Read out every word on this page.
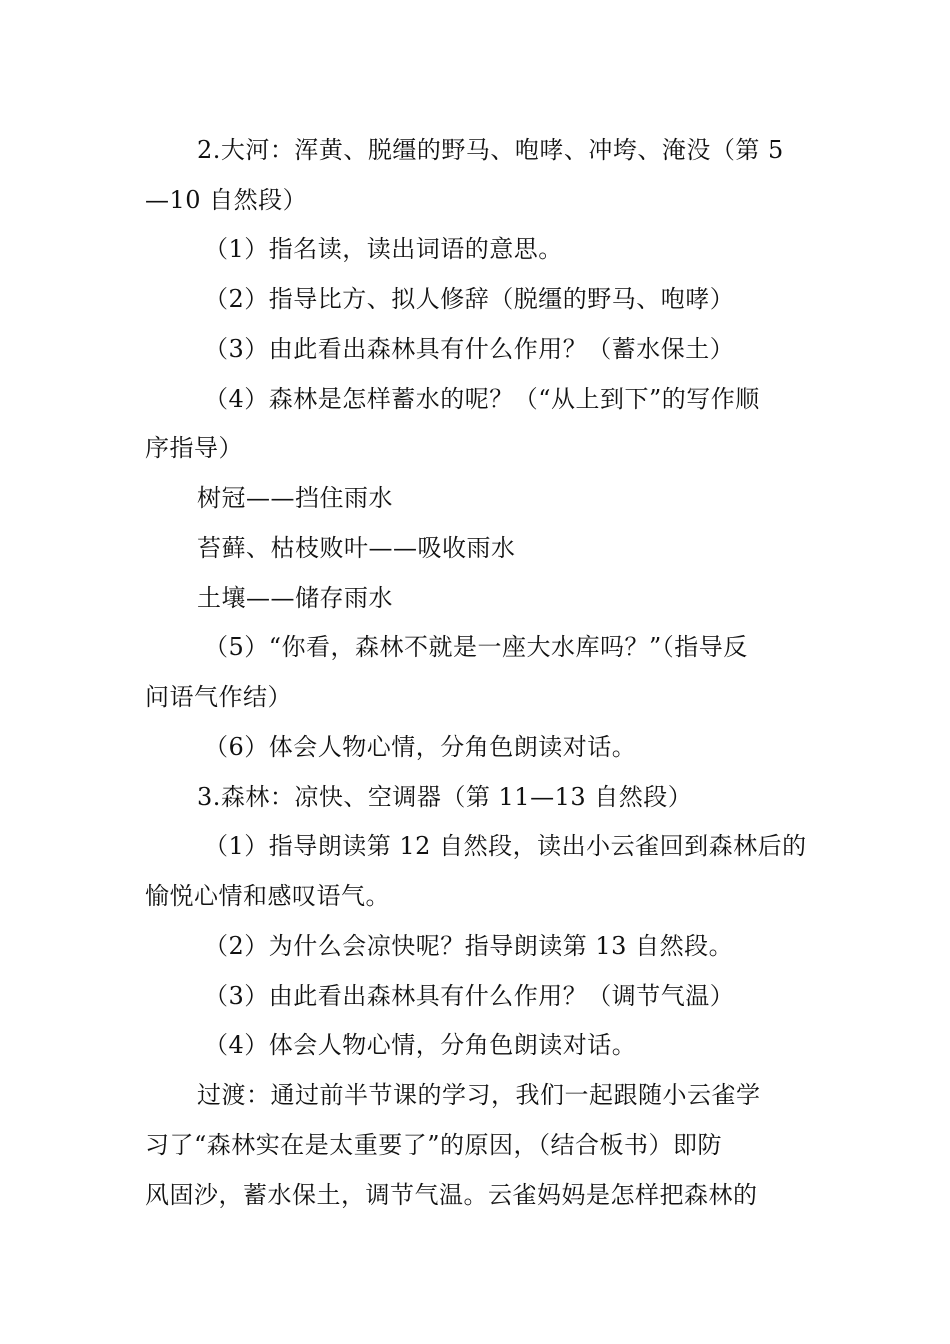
2.大河：浑黄、脱缰的野马、咆哮、冲垮、淹没（第 5
—10 自然段）
（1）指名读，读出词语的意思。
（2）指导比方、拟人修辞（脱缰的野马、咆哮）
（3）由此看出森林具有什么作用？（蓄水保土）
（4）森林是怎样蓄水的呢？（“从上到下”的写作顺
序指导）
树冠——挡住雨水
苔藓、枯枝败叶——吸收雨水
土壤——储存雨水
（5）“你看，森林不就是一座大水库吗？”（指导反
问语气作结）
（6）体会人物心情，分角色朗读对话。
3.森林：凉快、空调器（第 11—13 自然段）
（1）指导朗读第 12 自然段，读出小云雀回到森林后的
愉悦心情和感叹语气。
（2）为什么会凉快呢？指导朗读第 13 自然段。
（3）由此看出森林具有什么作用？（调节气温）
（4）体会人物心情，分角色朗读对话。
过渡：通过前半节课的学习，我们一起跟随小云雀学
习了“森林实在是太重要了”的原因，（结合板书）即防
风固沙，蓄水保土，调节气温。云雀妈妈是怎样把森林的
